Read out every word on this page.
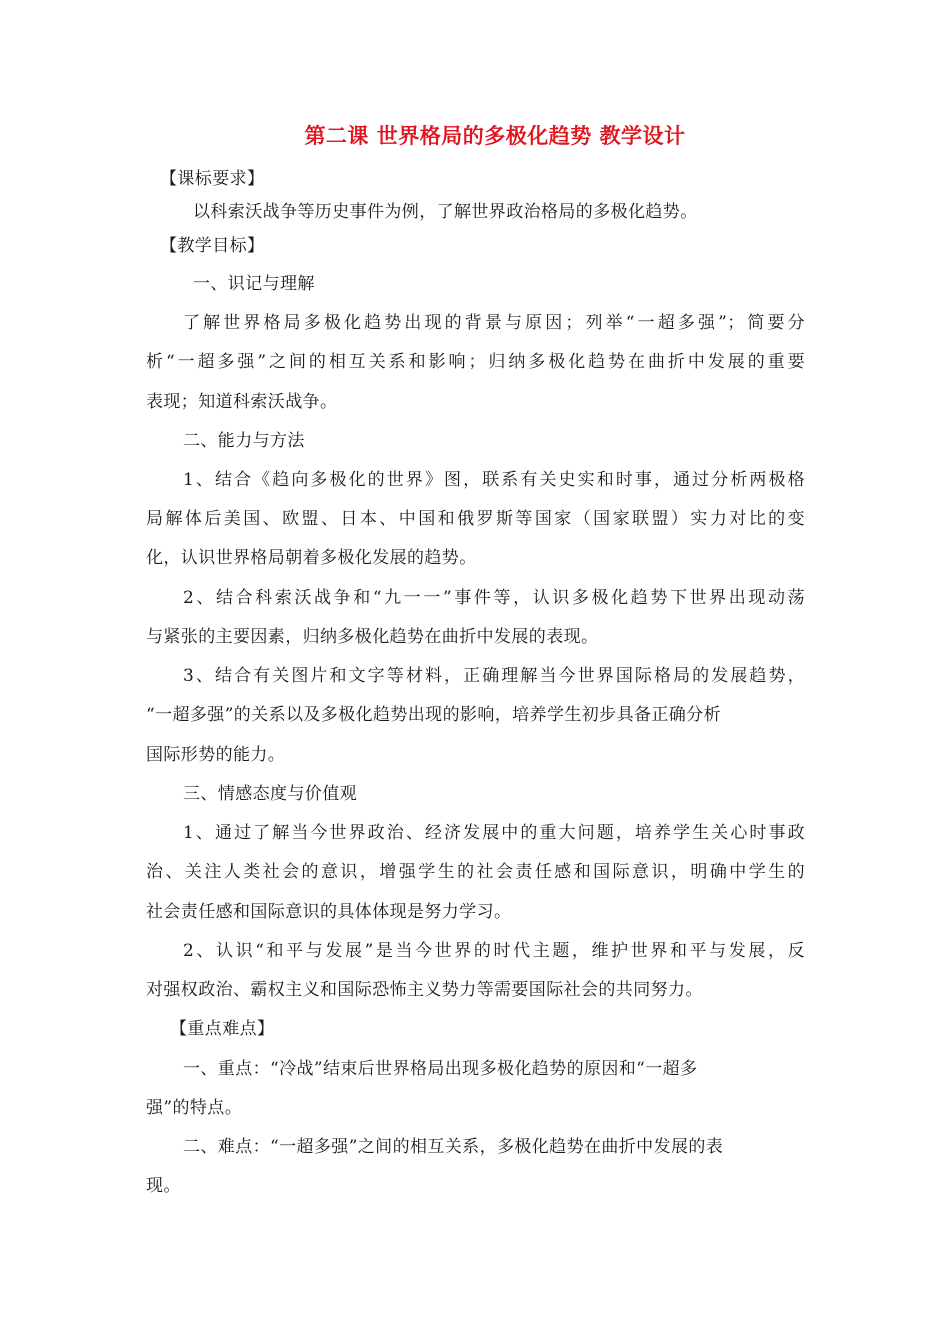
第二课 世界格局的多极化趋势 教学设计
【课标要求】
以科索沃战争等历史事件为例，了解世界政治格局的多极化趋势。
【教学目标】
一、识记与理解
了解世界格局多极化趋势出现的背景与原因；列举“一超多强”；简要分
析“一超多强”之间的相互关系和影响；归纳多极化趋势在曲折中发展的重要
表现；知道科索沃战争。
二、能力与方法
1、结合《趋向多极化的世界》图，联系有关史实和时事，通过分析两极格
局解体后美国、欧盟、日本、中国和俄罗斯等国家（国家联盟）实力对比的变
化，认识世界格局朝着多极化发展的趋势。
2、结合科索沃战争和“九一一”事件等，认识多极化趋势下世界出现动荡
与紧张的主要因素，归纳多极化趋势在曲折中发展的表现。
3、结合有关图片和文字等材料，正确理解当今世界国际格局的发展趋势，
“一超多强”的关系以及多极化趋势出现的影响，培养学生初步具备正确分析
国际形势的能力。
三、情感态度与价值观
1、通过了解当今世界政治、经济发展中的重大问题，培养学生关心时事政
治、关注人类社会的意识，增强学生的社会责任感和国际意识，明确中学生的
社会责任感和国际意识的具体体现是努力学习。
2、认识“和平与发展”是当今世界的时代主题，维护世界和平与发展，反
对强权政治、霸权主义和国际恐怖主义势力等需要国际社会的共同努力。
【重点难点】
一、重点：“冷战”结束后世界格局出现多极化趋势的原因和“一超多
强”的特点。
二、难点：“一超多强”之间的相互关系，多极化趋势在曲折中发展的表
现。
